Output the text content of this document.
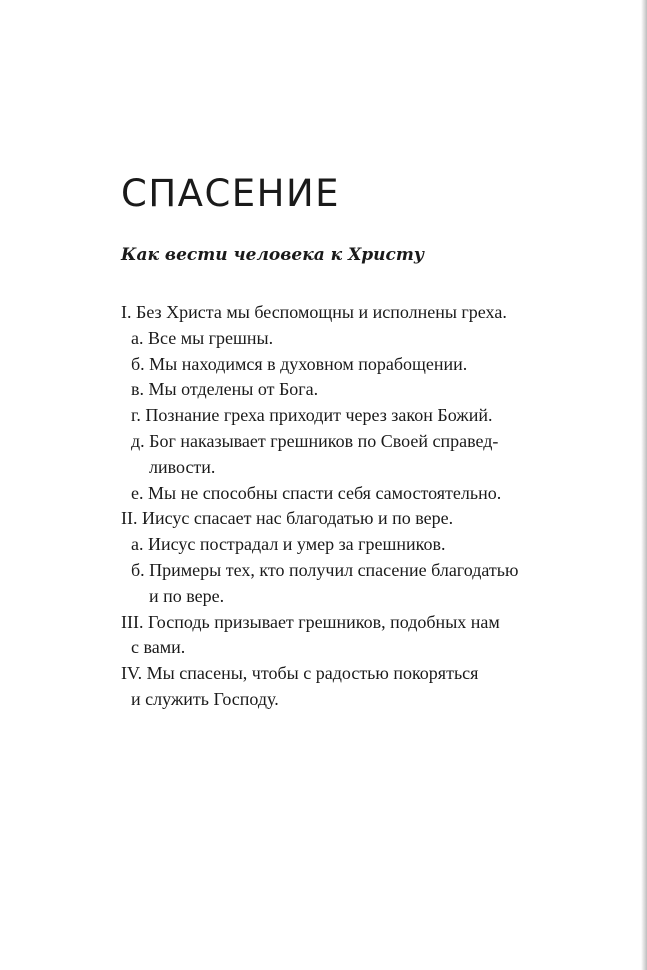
СПАСЕНИЕ
Как вести человека к Христу
I. Без Христа мы беспомощны и исполнены греха.
а. Все мы грешны.
б. Мы находимся в духовном порабощении.
в. Мы отделены от Бога.
г. Познание греха приходит через закон Божий.
д. Бог наказывает грешников по Своей справед-
ливости.
е. Мы не способны спасти себя самостоятельно.
II. Иисус спасает нас благодатью и по вере.
а. Иисус пострадал и умер за грешников.
б. Примеры тех, кто получил спасение благодатью
и по вере.
III. Господь призывает грешников, подобных нам
с вами.
IV. Мы спасены, чтобы с радостью покоряться
и служить Господу.
